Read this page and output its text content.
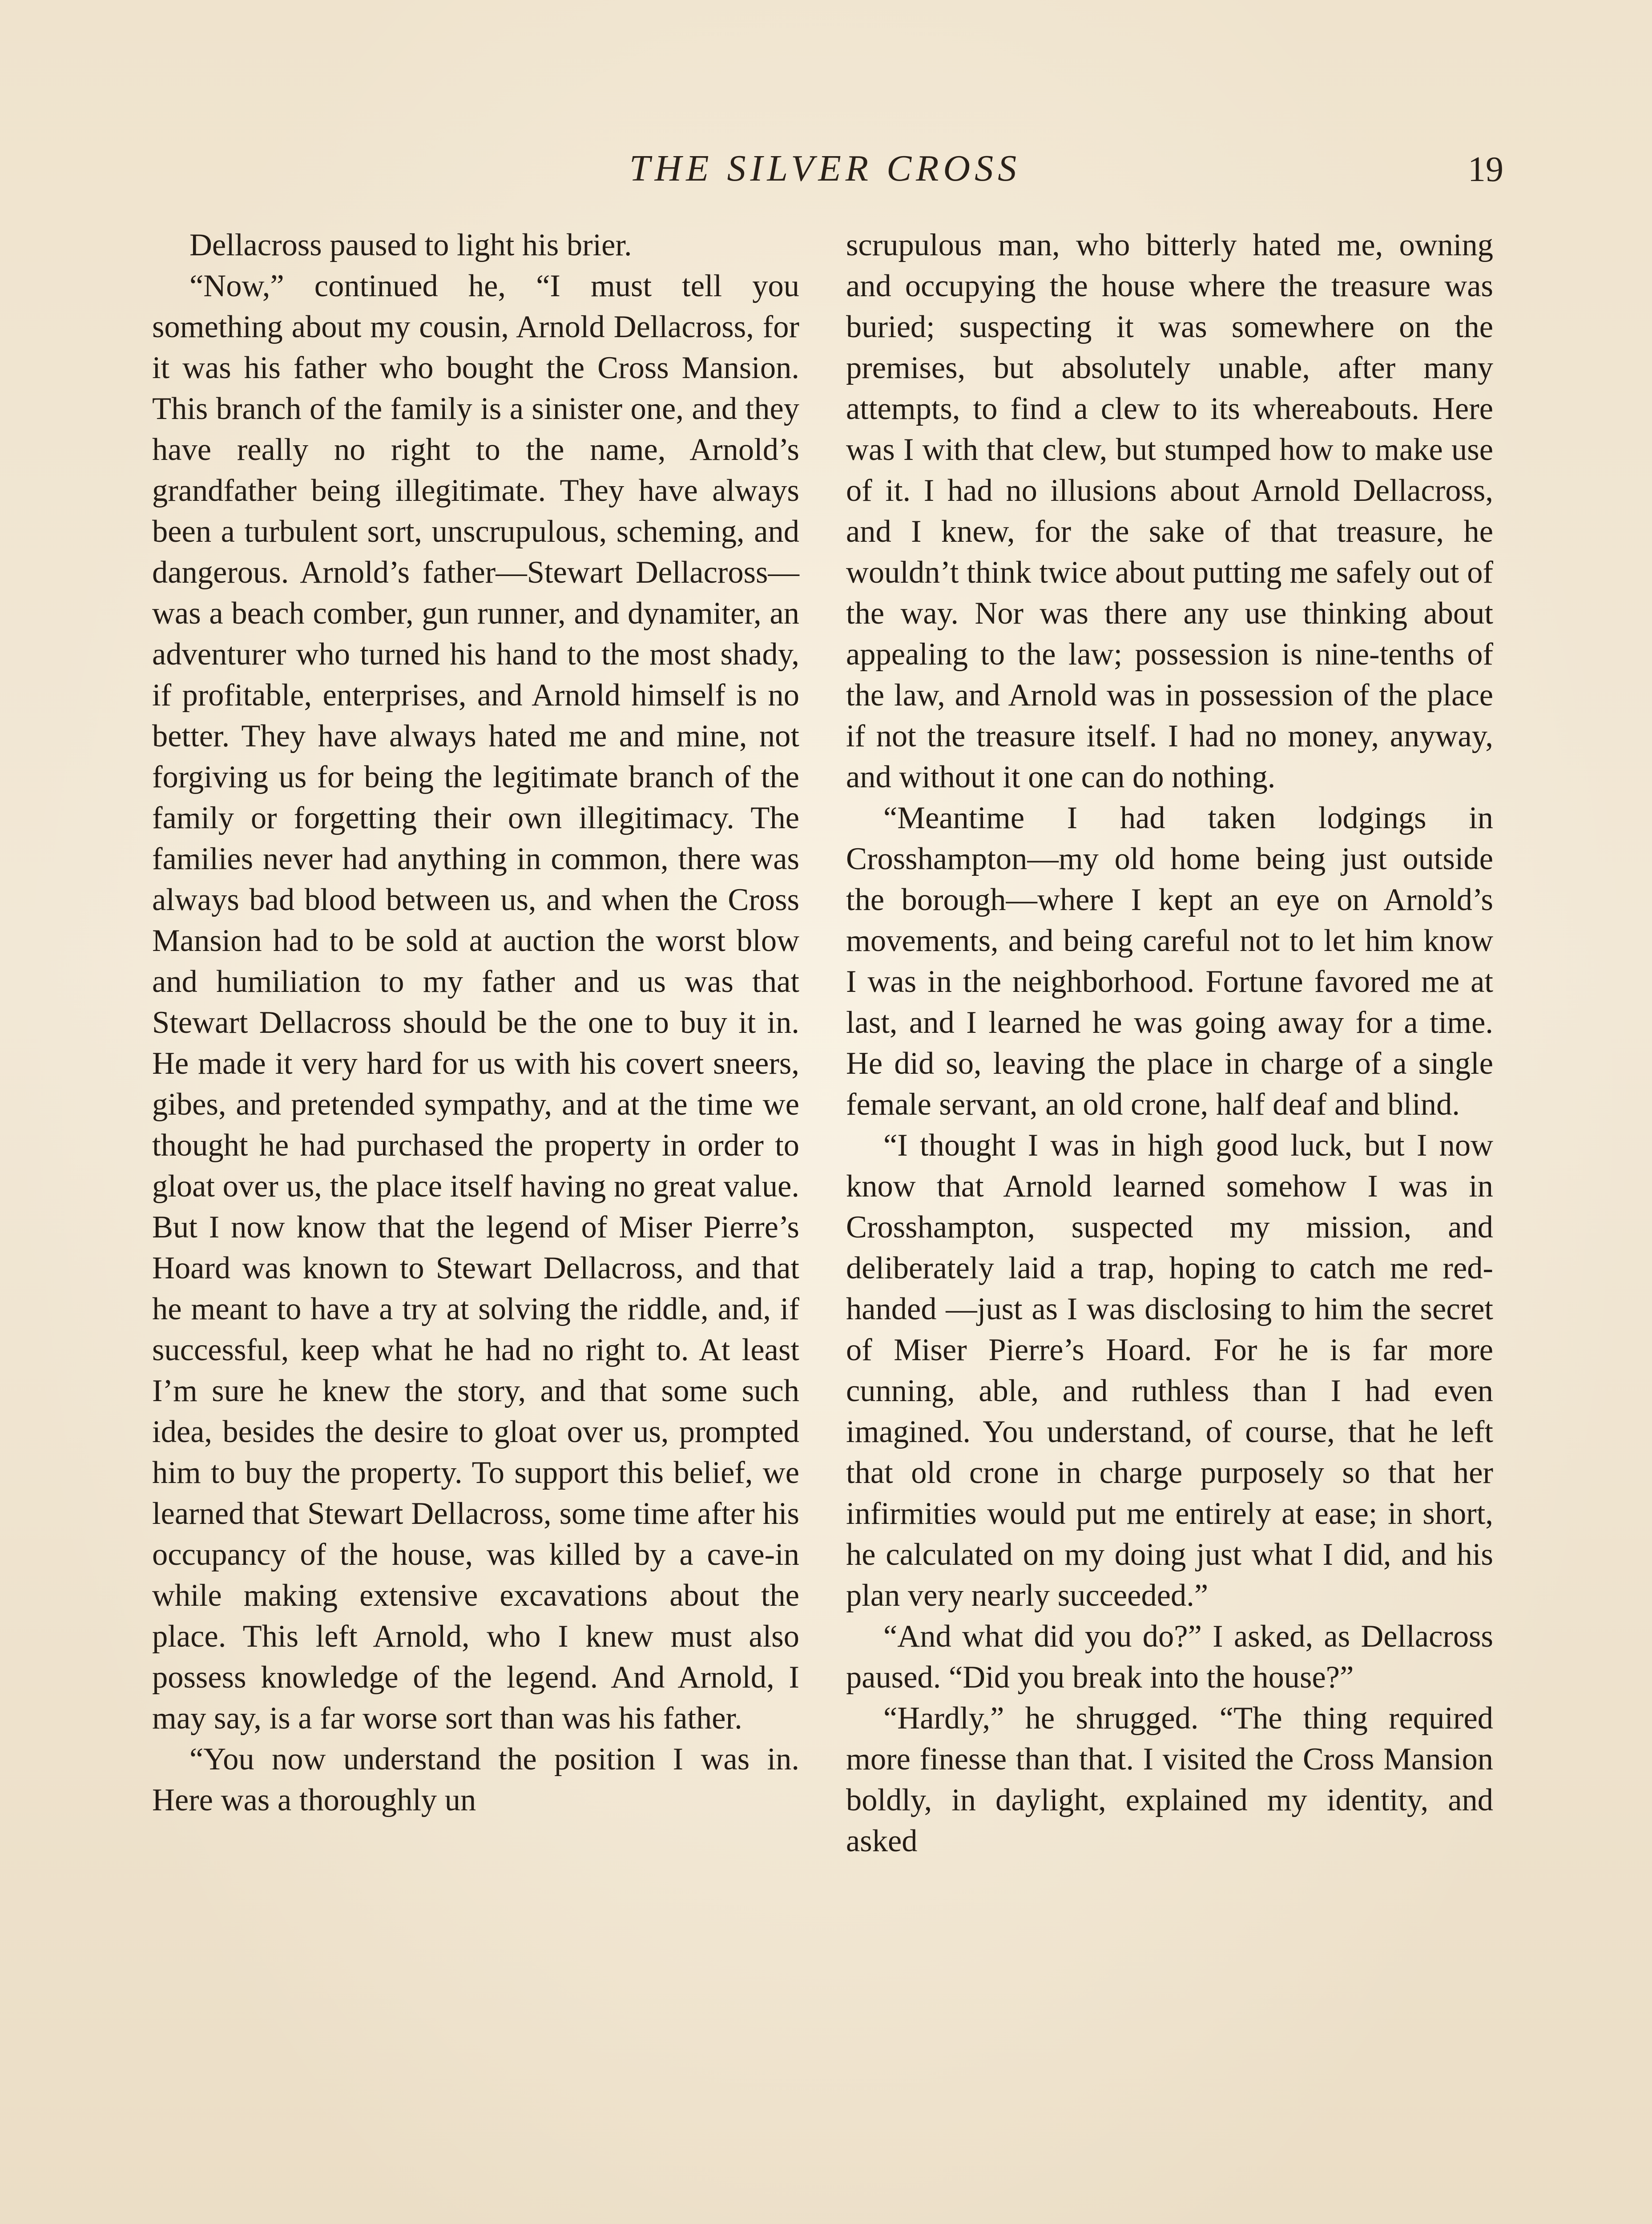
THE SILVER CROSS	19

Dellacross paused to light his brier.

“Now,” continued he, “I must tell you something about my cousin, Arnold Dellacross, for it was his father who bought the Cross Mansion. This branch of the family is a sinister one, and they have really no right to the name, Arnold’s grandfather being illegitimate. They have always been a turbulent sort, unscrupulous, scheming, and dangerous. Arnold’s father—Stewart Dellacross—was a beach comber, gun runner, and dynamiter, an adventurer who turned his hand to the most shady, if profitable, enterprises, and Arnold himself is no better. They have always hated me and mine, not forgiving us for being the legitimate branch of the family or forgetting their own illegitimacy. The families never had anything in common, there was always bad blood between us, and when the Cross Mansion had to be sold at auction the worst blow and humiliation to my father and us was that Stewart Dellacross should be the one to buy it in. He made it very hard for us with his covert sneers, gibes, and pretended sympathy, and at the time we thought he had purchased the property in order to gloat over us, the place itself having no great value. But I now know that the legend of Miser Pierre’s Hoard was known to Stewart Dellacross, and that he meant to have a try at solving the riddle, and, if successful, keep what he had no right to. At least I’m sure he knew the story, and that some such idea, besides the desire to gloat over us, prompted him to buy the property. To support this belief, we learned that Stewart Dellacross, some time after his occupancy of the house, was killed by a cave-in while making extensive excavations about the place. This left Arnold, who I knew must also possess knowledge of the legend. And Arnold, I may say, is a far worse sort than was his father.

“You now understand the position I was in. Here was a thoroughly un

scrupulous man, who bitterly hated me, owning and occupying the house where the treasure was buried; suspecting it was somewhere on the premises, but absolutely unable, after many attempts, to find a clew to its whereabouts. Here was I with that clew, but stumped how to make use of it. I had no illusions about Arnold Dellacross, and I knew, for the sake of that treasure, he wouldn’t think twice about putting me safely out of the way. Nor was there any use thinking about appealing to the law; possession is nine-tenths of the law, and Arnold was in possession of the place if not the treasure itself. I had no money, anyway, and without it one can do nothing.

“Meantime I had taken lodgings in Crosshampton—my old home being just outside the borough—where I kept an eye on Arnold’s movements, and being careful not to let him know I was in the neighborhood. Fortune favored me at last, and I learned he was going away for a time. He did so, leaving the place in charge of a single female servant, an old crone, half deaf and blind.

“I thought I was in high good luck, but I now know that Arnold learned somehow I was in Crosshampton, suspected my mission, and deliberately laid a trap, hoping to catch me red-handed —just as I was disclosing to him the secret of Miser Pierre’s Hoard. For he is far more cunning, able, and ruthless than I had even imagined. You understand, of course, that he left that old crone in charge purposely so that her infirmities would put me entirely at ease; in short, he calculated on my doing just what I did, and his plan very nearly succeeded.”

“And what did you do?” I asked, as Dellacross paused. “Did you break into the house?”

“Hardly,” he shrugged. “The thing required more finesse than that. I visited the Cross Mansion boldly, in daylight, explained my identity, and asked
